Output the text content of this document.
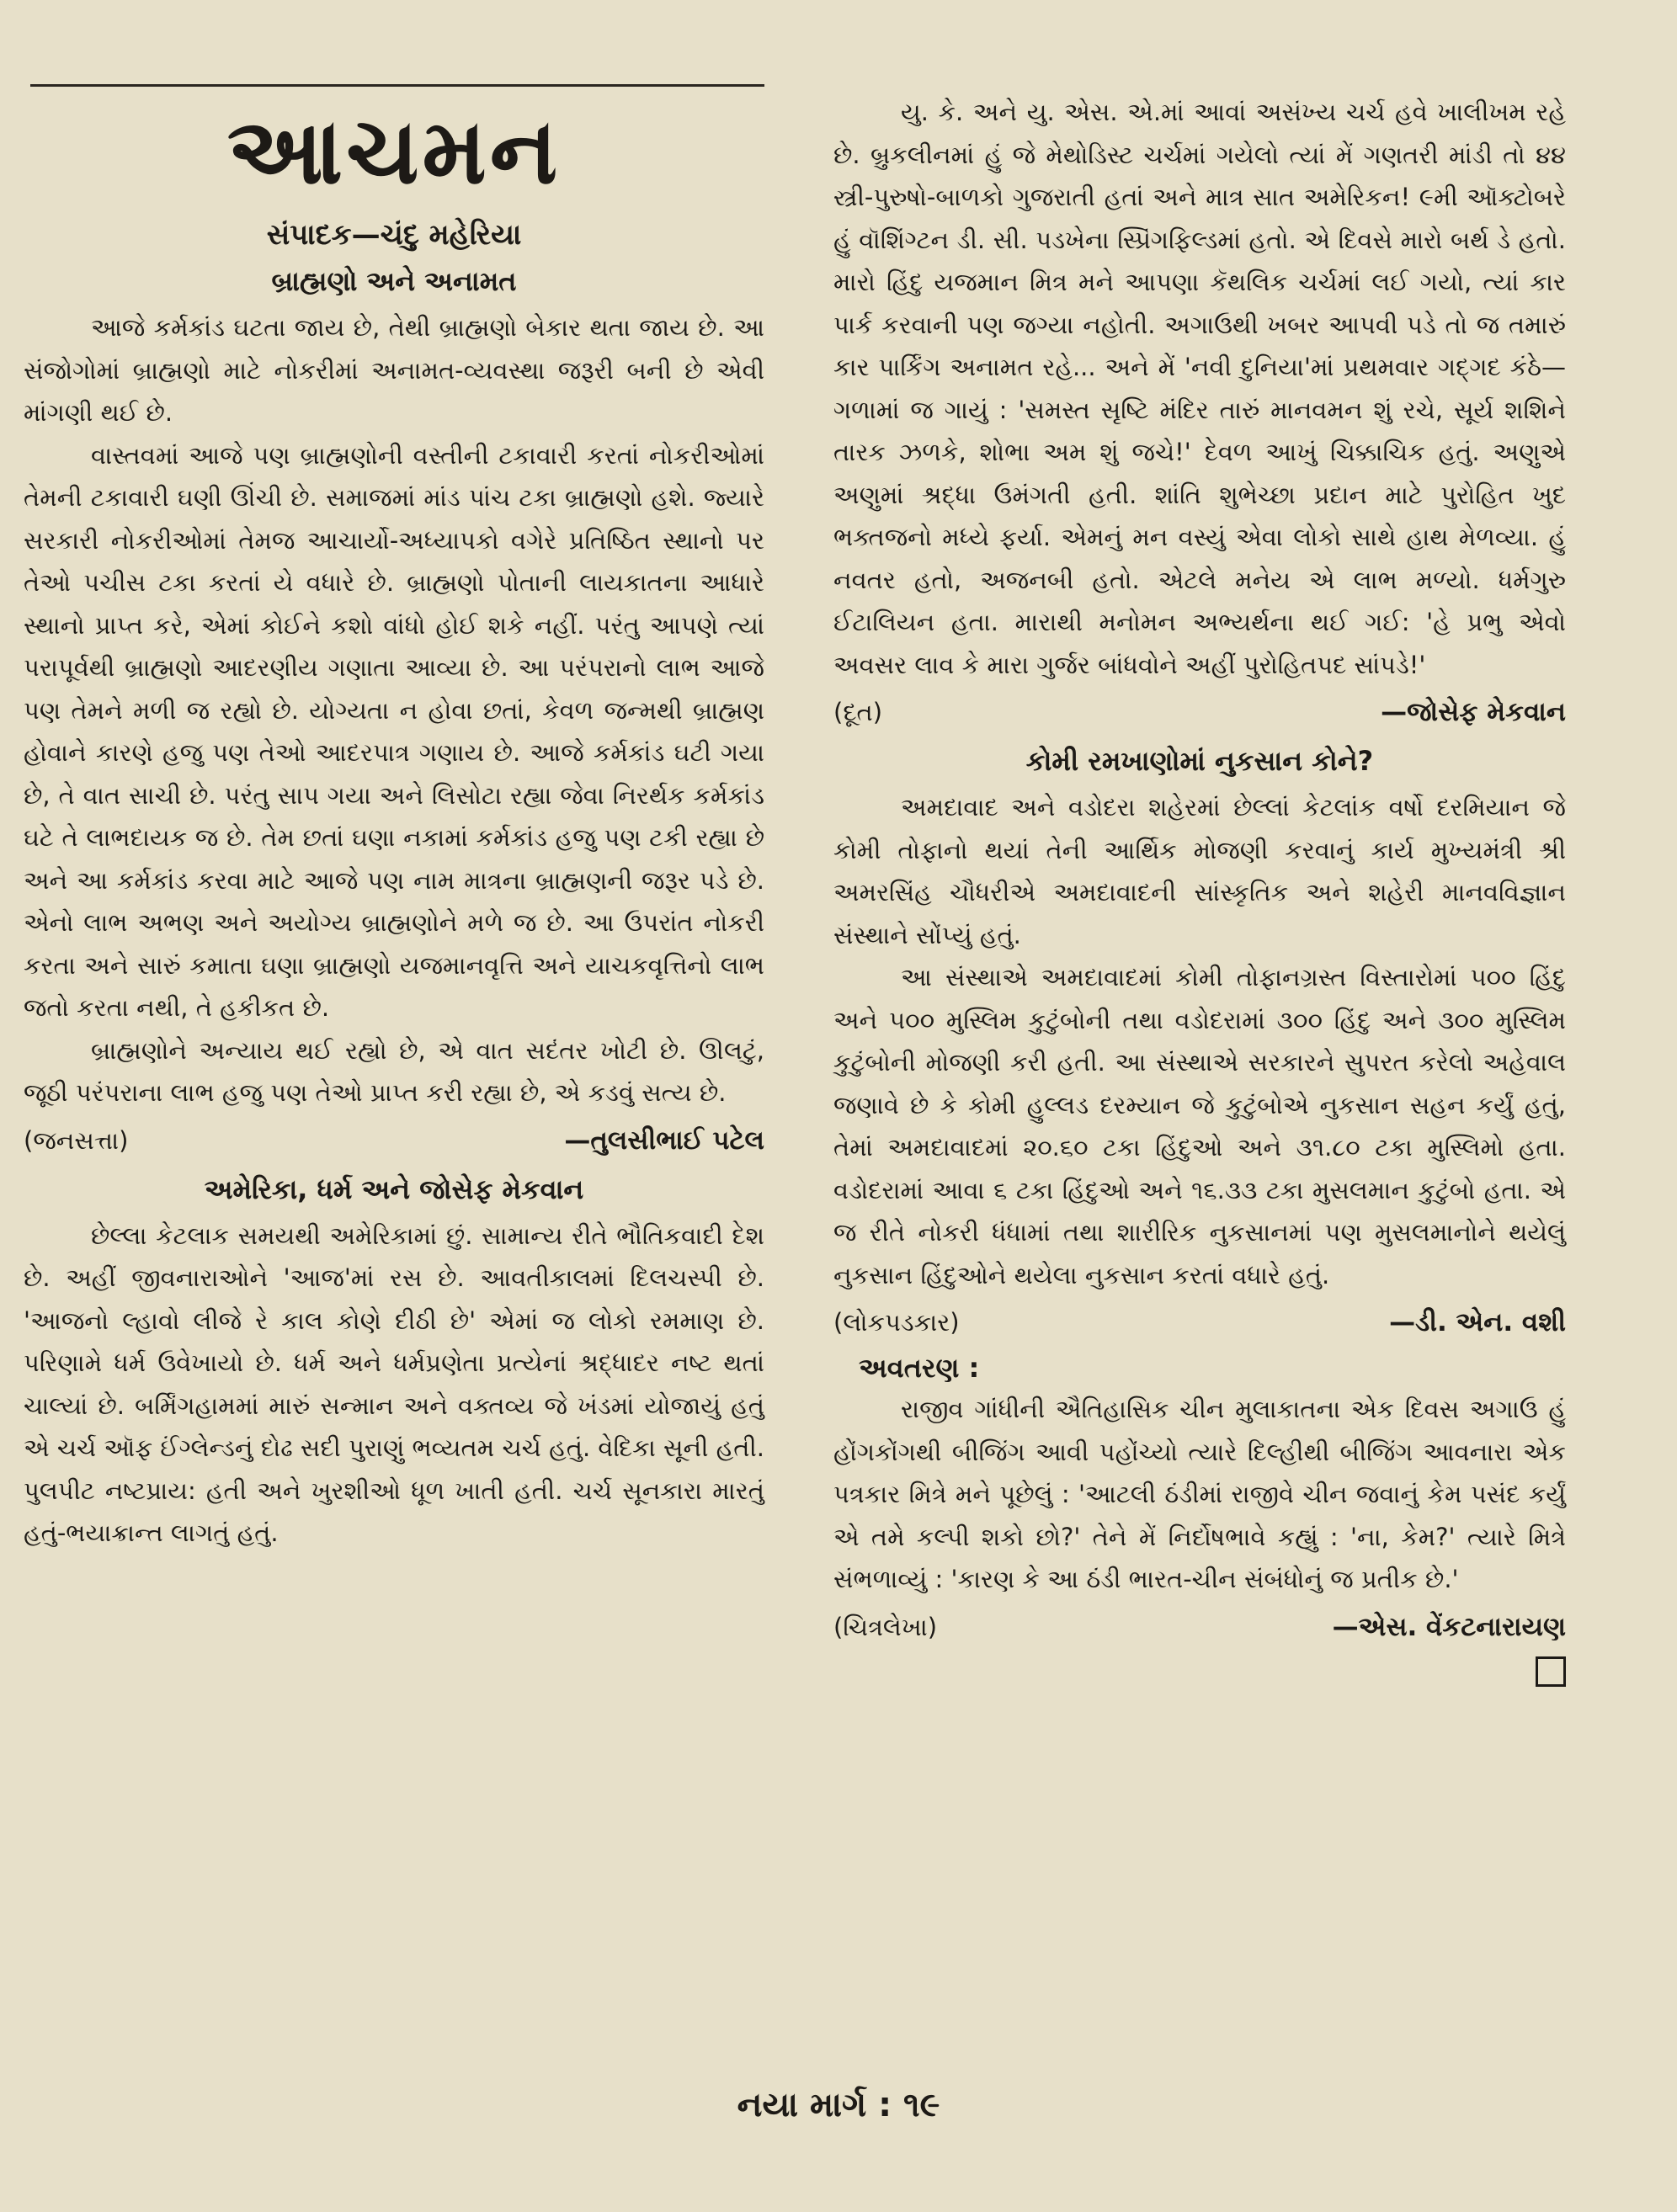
આચમન
સંપાદક—ચંદુ મહેરિયા
બ્રાહ્મણો અને અનામત

આજે કર્મકાંડ ઘટતા જાય છે, તેથી બ્રાહ્મણો બેકાર થતા જાય છે. આ સંજોગોમાં બ્રાહ્મણો માટે નોકરીમાં અનામત-વ્યવસ્થા જરૂરી બની છે એવી માંગણી થઈ છે.

વાસ્તવમાં આજે પણ બ્રાહ્મણોની વસ્તીની ટકાવારી કરતાં નોકરીઓમાં તેમની ટકાવારી ઘણી ઊંચી છે. સમાજમાં માંડ પાંચ ટકા બ્રાહ્મણો હશે. જ્યારે સરકારી નોકરીઓમાં તેમજ આચાર્યો-અધ્યાપકો વગેરે પ્રતિષ્ઠિત સ્થાનો પર તેઓ પચીસ ટકા કરતાં યે વધારે છે. બ્રાહ્મણો પોતાની લાયકાતના આધારે સ્થાનો પ્રાપ્ત કરે, એમાં કોઈને કશો વાંધો હોઈ શકે નહીં. પરંતુ આપણે ત્યાં પરાપૂર્વથી બ્રાહ્મણો આદરણીય ગણાતા આવ્યા છે. આ પરંપરાનો લાભ આજે પણ તેમને મળી જ રહ્યો છે. યોગ્યતા ન હોવા છતાં, કેવળ જન્મથી બ્રાહ્મણ હોવાને કારણે હજુ પણ તેઓ આદરપાત્ર ગણાય છે. આજે કર્મકાંડ ઘટી ગયા છે, તે વાત સાચી છે. પરંતુ સાપ ગયા અને લિસોટા રહ્યા જેવા નિરર્થક કર્મકાંડ ઘટે તે લાભદાયક જ છે. તેમ છતાં ઘણા નકામાં કર્મકાંડ હજુ પણ ટકી રહ્યા છે અને આ કર્મકાંડ કરવા માટે આજે પણ નામ માત્રના બ્રાહ્મણની જરૂર પડે છે. એનો લાભ અભણ અને અયોગ્ય બ્રાહ્મણોને મળે જ છે. આ ઉપરાંત નોકરી કરતા અને સારું કમાતા ઘણા બ્રાહ્મણો યજમાનવૃત્તિ અને યાચકવૃત્તિનો લાભ જતો કરતા નથી, તે હકીકત છે.

બ્રાહ્મણોને અન્યાય થઈ રહ્યો છે, એ વાત સદંતર ખોટી છે. ઊલટું, જૂઠી પરંપરાના લાભ હજુ પણ તેઓ પ્રાપ્ત કરી રહ્યા છે, એ કડવું સત્ય છે.

(જનસત્તા)	—તુલસીભાઈ પટેલ
અમેરિકા, ધર્મ અને જોસેફ મેકવાન

છેલ્લા કેટલાક સમયથી અમેરિકામાં છું. સામાન્ય રીતે ભૌતિકવાદી દેશ છે. અહીં જીવનારાઓને 'આજ'માં રસ છે. આવતીકાલમાં દિલચસ્પી છે. 'આજનો લ્હાવો લીજે રે કાલ કોણે દીઠી છે' એમાં જ લોકો રમમાણ છે. પરિણામે ધર્મ ઉવેખાયો છે. ધર્મ અને ધર્મપ્રણેતા પ્રત્યેનાં શ્રદ્ધાદર નષ્ટ થતાં ચાલ્યાં છે. બર્મિંગહામમાં મારું સન્માન અને વક્તવ્ય જે ખંડમાં યોજાયું હતું એ ચર્ચ ઑફ ઈંગ્લેન્ડનું દોઢ સદી પુરાણું ભવ્યતમ ચર્ચ હતું. વેદિકા સૂની હતી. પુલપીટ નષ્ટપ્રાય: હતી અને ખુરશીઓ ધૂળ ખાતી હતી. ચર્ચ સૂનકારા મારતું હતું-ભયાક્રાન્ત લાગતું હતું.

યુ. કે. અને યુ. એસ. એ.માં આવાં અસંખ્ય ચર્ચ હવે ખાલીખમ રહે છે. બ્રુકલીનમાં હું જે મેથોડિસ્ટ ચર્ચમાં ગયેલો ત્યાં મેં ગણતરી માંડી તો ૪૪ સ્ત્રી-પુરુષો-બાળકો ગુજરાતી હતાં અને માત્ર સાત અમેરિકન! ૯મી ઑક્ટોબરે હું વૉશિંગ્ટન ડી. સી. પડખેના સ્પ્રિંગફિલ્ડમાં હતો. એ દિવસે મારો બર્થ ડે હતો. મારો હિંદુ યજમાન મિત્ર મને આપણા કૅથલિક ચર્ચમાં લઈ ગયો, ત્યાં કાર પાર્ક કરવાની પણ જગ્યા નહોતી. અગાઉથી ખબર આપવી પડે તો જ તમારું કાર પાર્કિંગ અનામત રહે... અને મેં 'નવી દુનિયા'માં પ્રથમવાર ગદ્ગદ કંઠે—ગળામાં જ ગાયું : 'સમસ્ત સૃષ્ટિ મંદિર તારું માનવમન શું રચે, સૂર્ય શશિને તારક ઝળકે, શોભા અમ શું જચે!' દેવળ આખું ચિક્કાચિક હતું. અણુએ અણુમાં શ્રદ્ધા ઉમંગતી હતી. શાંતિ શુભેચ્છા પ્રદાન માટે પુરોહિત ખુદ ભક્તજનો મધ્યે ફર્યા. એમનું મન વસ્યું એવા લોકો સાથે હાથ મેળવ્યા. હું નવતર હતો, અજનબી હતો. એટલે મનેય એ લાભ મળ્યો. ધર્મગુરુ ઈટાલિયન હતા. મારાથી મનોમન અભ્યર્થના થઈ ગઈ: 'હે પ્રભુ એવો અવસર લાવ કે મારા ગુર્જર બાંધવોને અહીં પુરોહિતપદ સાંપડે!'

(દૂત)	—જોસેફ મેકવાન
કોમી રમખાણોમાં નુકસાન કોને?

અમદાવાદ અને વડોદરા શહેરમાં છેલ્લાં કેટલાંક વર્ષો દરમિયાન જે કોમી તોફાનો થયાં તેની આર્થિક મોજણી કરવાનું કાર્ય મુખ્યમંત્રી શ્રી અમરસિંહ ચૌધરીએ અમદાવાદની સાંસ્કૃતિક અને શહેરી માનવવિજ્ઞાન સંસ્થાને સોંપ્યું હતું.

આ સંસ્થાએ અમદાવાદમાં કોમી તોફાનગ્રસ્ત વિસ્તારોમાં ૫૦૦ હિંદુ અને ૫૦૦ મુસ્લિમ કુટુંબોની તથા વડોદરામાં ૩૦૦ હિંદુ અને ૩૦૦ મુસ્લિમ કુટુંબોની મોજણી કરી હતી. આ સંસ્થાએ સરકારને સુપરત કરેલો અહેવાલ જણાવે છે કે કોમી હુલ્લડ દરમ્યાન જે કુટુંબોએ નુકસાન સહન કર્યું હતું, તેમાં અમદાવાદમાં ૨૦.૬૦ ટકા હિંદુઓ અને ૩૧.૮૦ ટકા મુસ્લિમો હતા. વડોદરામાં આવા ૬ ટકા હિંદુઓ અને ૧૬.૩૩ ટકા મુસલમાન કુટુંબો હતા. એ જ રીતે નોકરી ધંધામાં તથા શારીરિક નુકસાનમાં પણ મુસલમાનોને થયેલું નુકસાન હિંદુઓને થયેલા નુકસાન કરતાં વધારે હતું.

(લોકપડકાર)	—ડી. એન. વશી
અવતરણ :

રાજીવ ગાંધીની ઐતિહાસિક ચીન મુલાકાતના એક દિવસ અગાઉ હું હોંગકોંગથી બીજિંગ આવી પહોંચ્યો ત્યારે દિલ્હીથી બીજિંગ આવનારા એક પત્રકાર મિત્રે મને પૂછેલું : 'આટલી ઠંડીમાં રાજીવે ચીન જવાનું કેમ પસંદ કર્યું એ તમે કલ્પી શકો છો?' તેને મેં નિર્દોષભાવે કહ્યું : 'ના, કેમ?' ત્યારે મિત્રે સંભળાવ્યું : 'કારણ કે આ ઠંડી ભારત-ચીન સંબંધોનું જ પ્રતીક છે.'

(ચિત્રલેખા)	—એસ. વેંકટનારાયણ
નયા માર્ગ : ૧૯
